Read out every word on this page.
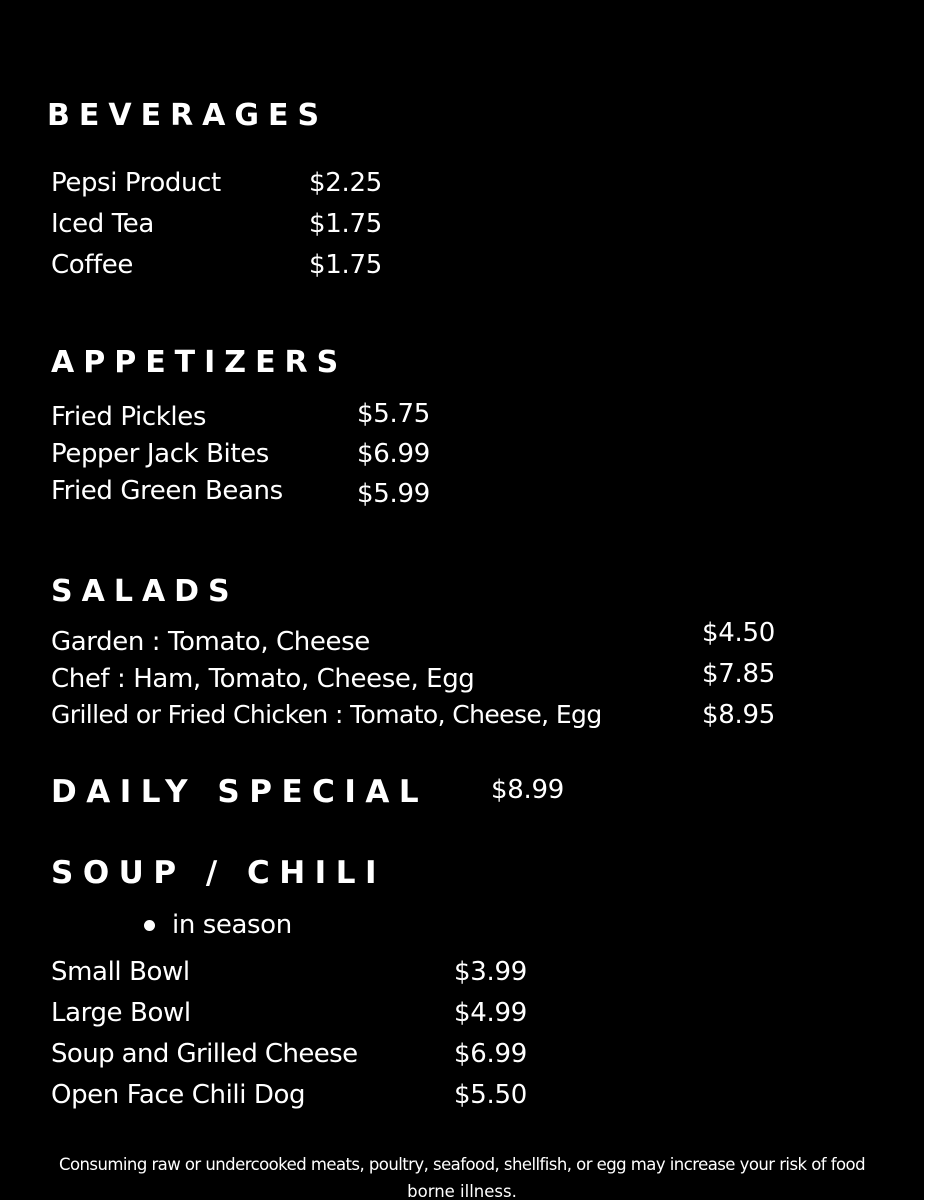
BEVERAGES
Pepsi Product	$2.25
Iced Tea	$1.75
Coffee	$1.75
APPETIZERS
Fried Pickles	$5.75
Pepper Jack Bites	$6.99
Fried Green Beans	$5.99
SALADS
Garden : Tomato, Cheese	$4.50
Chef : Ham, Tomato, Cheese, Egg	$7.85
Grilled or Fried Chicken : Tomato, Cheese, Egg	$8.95
DAILY SPECIAL $8.99
SOUP / CHILI
in season
Small Bowl	$3.99
Large Bowl	$4.99
Soup and Grilled Cheese	$6.99
Open Face Chili Dog	$5.50
Consuming raw or undercooked meats, poultry, seafood, shellfish, or egg may increase your risk of food
borne illness.
